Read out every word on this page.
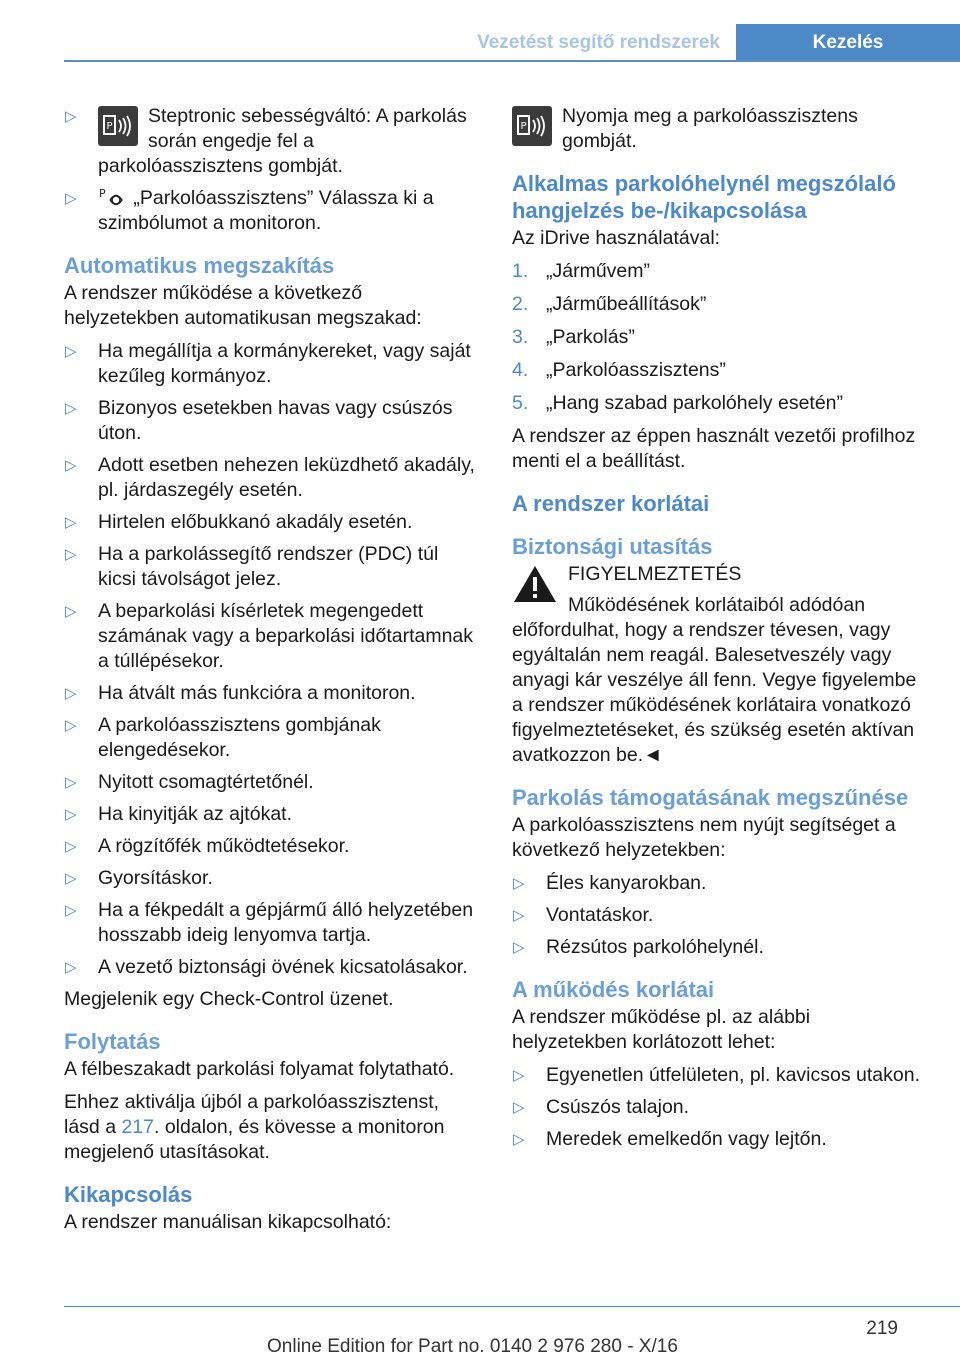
Vezetést segítő rendszerek	Kezelés
▷
P Steptronic sebességváltó: A parkolás során engedje fel a parkolóasszisztens gombját.
▷ P „Parkolóasszisztens” Válassza ki a szimbólumot a monitoron.
Automatikus megszakítás

A rendszer működése a következő helyzetekben automatikusan megszakad:

▷ Ha megállítja a kormánykereket, vagy saját kezűleg kormányoz.
▷ Bizonyos esetekben havas vagy csúszós úton.
▷ Adott esetben nehezen leküzdhető akadály, pl. járdaszegély esetén.
▷ Hirtelen előbukkanó akadály esetén.
▷ Ha a parkolássegítő rendszer (PDC) túl kicsi távolságot jelez.
▷ A beparkolási kísérletek megengedett számának vagy a beparkolási időtartamnak a túllépésekor.
▷ Ha átvált más funkcióra a monitoron.
▷ A parkolóasszisztens gombjának elengedésekor.
▷ Nyitott csomagtértetőnél.
▷ Ha kinyitják az ajtókat.
▷ A rögzítőfék működtetésekor.
▷ Gyorsításkor.
▷ Ha a fékpedált a gépjármű álló helyzetében hosszabb ideig lenyomva tartja.
▷ A vezető biztonsági övének kicsatolásakor.

Megjelenik egy Check-Control üzenet.

Folytatás

A félbeszakadt parkolási folyamat folytatható.

Ehhez aktiválja újból a parkolóasszisztenst, lásd a 217. oldalon, és kövesse a monitoron megjelenő utasításokat.

Kikapcsolás

A rendszer manuálisan kikapcsolható:

P Nyomja meg a parkolóasszisztens gombját.
Alkalmas parkolóhelynél megszólaló hangjelzés be-/kikapcsolása

Az iDrive használatával:

1. „Járművem”
2. „Járműbeállítások”
3. „Parkolás”
4. „Parkolóasszisztens”
5. „Hang szabad parkolóhely esetén”

A rendszer az éppen használt vezetői profilhoz menti el a beállítást.

A rendszer korlátai
Biztonsági utasítás
FIGYELMEZTETÉS

Működésének korlátaiból adódóan előfordulhat, hogy a rendszer tévesen, vagy egyáltalán nem reagál. Balesetveszély vagy anyagi kár veszélye áll fenn. Vegye figyelembe a rendszer működésének korlátaira vonatkozó figyelmeztetéseket, és szükség esetén aktívan avatkozzon be.◄

Parkolás támogatásának megszűnése

A parkolóasszisztens nem nyújt segítséget a következő helyzetekben:

▷ Éles kanyarokban.
▷ Vontatáskor.
▷ Rézsútos parkolóhelynél.
A működés korlátai

A rendszer működése pl. az alábbi helyzetekben korlátozott lehet:

▷ Egyenetlen útfelületen, pl. kavicsos utakon.
▷ Csúszós talajon.
▷ Meredek emelkedőn vagy lejtőn.
219
Online Edition for Part no. 0140 2 976 280 - X/16
